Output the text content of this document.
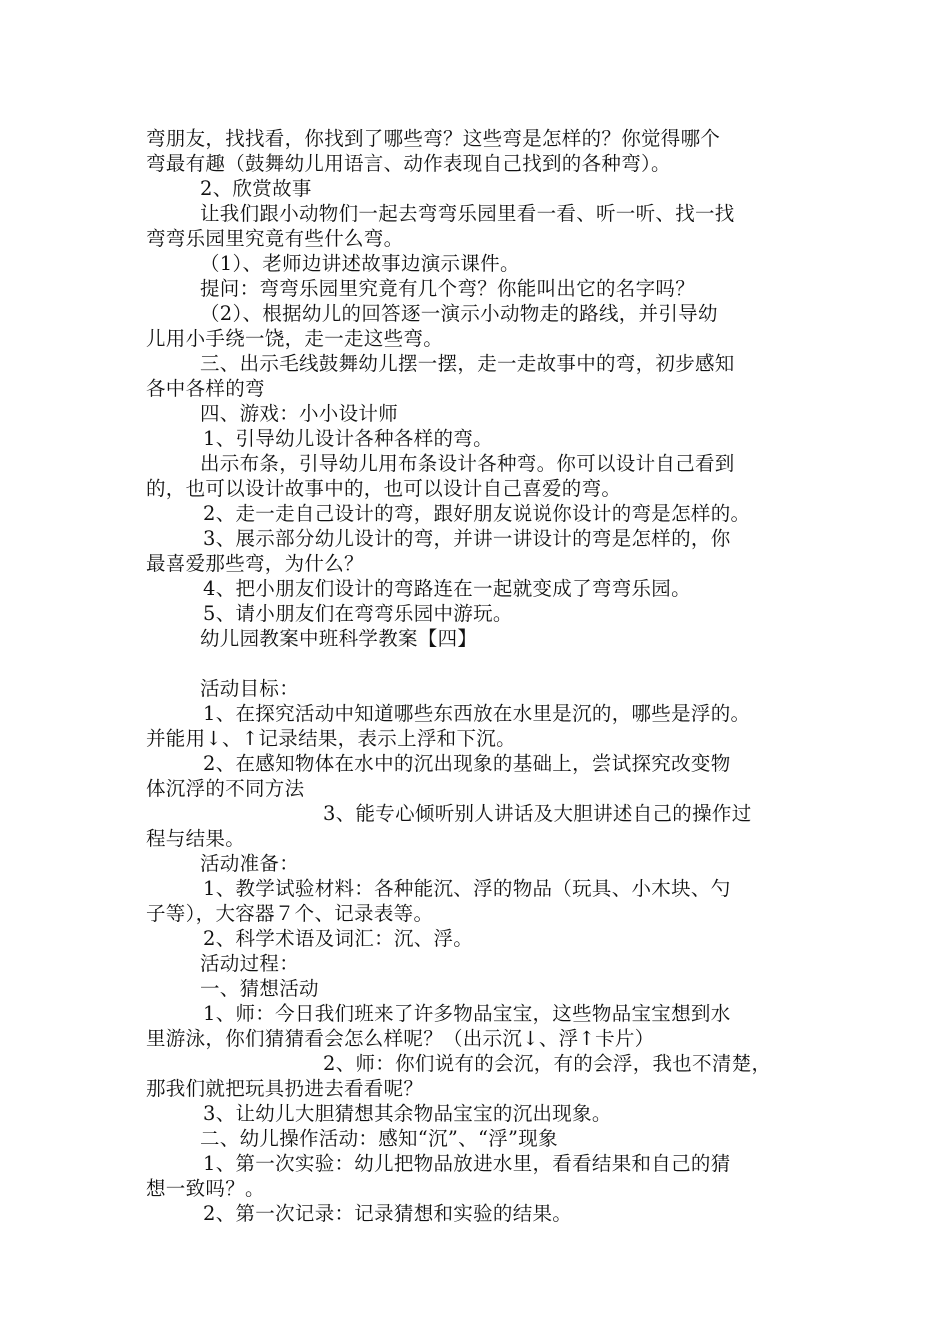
弯朋友，找找看，你找到了哪些弯？这些弯是怎样的？你觉得哪个
弯最有趣（鼓舞幼儿用语言、动作表现自己找到的各种弯）。
2、欣赏故事
让我们跟小动物们一起去弯弯乐园里看一看、听一听、找一找
弯弯乐园里究竟有些什么弯。
（1）、老师边讲述故事边演示课件。
提问：弯弯乐园里究竟有几个弯？你能叫出它的名字吗？
（2）、根据幼儿的回答逐一演示小动物走的路线，并引导幼
儿用小手绕一饶，走一走这些弯。
三、出示毛线鼓舞幼儿摆一摆，走一走故事中的弯，初步感知
各中各样的弯
四、游戏：小小设计师
1、引导幼儿设计各种各样的弯。
出示布条，引导幼儿用布条设计各种弯。你可以设计自己看到
的，也可以设计故事中的，也可以设计自己喜爱的弯。
2、走一走自己设计的弯，跟好朋友说说你设计的弯是怎样的。
3、展示部分幼儿设计的弯，并讲一讲设计的弯是怎样的，你
最喜爱那些弯，为什么？
4、把小朋友们设计的弯路连在一起就变成了弯弯乐园。
5、请小朋友们在弯弯乐园中游玩。
幼儿园教案中班科学教案【四】
活动目标：
1、在探究活动中知道哪些东西放在水里是沉的，哪些是浮的。
并能用↓、↑记录结果，表示上浮和下沉。
2、在感知物体在水中的沉出现象的基础上，尝试探究改变物
体沉浮的不同方法
3、能专心倾听别人讲话及大胆讲述自己的操作过
程与结果。
活动准备：
1、教学试验材料：各种能沉、浮的物品（玩具、小木块、勺
子等），大容器７个、记录表等。
2、科学术语及词汇：沉、浮。
活动过程：
一、猜想活动
1、师：今日我们班来了许多物品宝宝，这些物品宝宝想到水
里游泳，你们猜猜看会怎么样呢？（出示沉↓、浮↑卡片）
2、师：你们说有的会沉，有的会浮，我也不清楚，
那我们就把玩具扔进去看看呢？
3、让幼儿大胆猜想其余物品宝宝的沉出现象。
二、幼儿操作活动：感知“沉”、“浮”现象
1、第一次实验：幼儿把物品放进水里，看看结果和自己的猜
想一致吗？。
2、第一次记录：记录猜想和实验的结果。
